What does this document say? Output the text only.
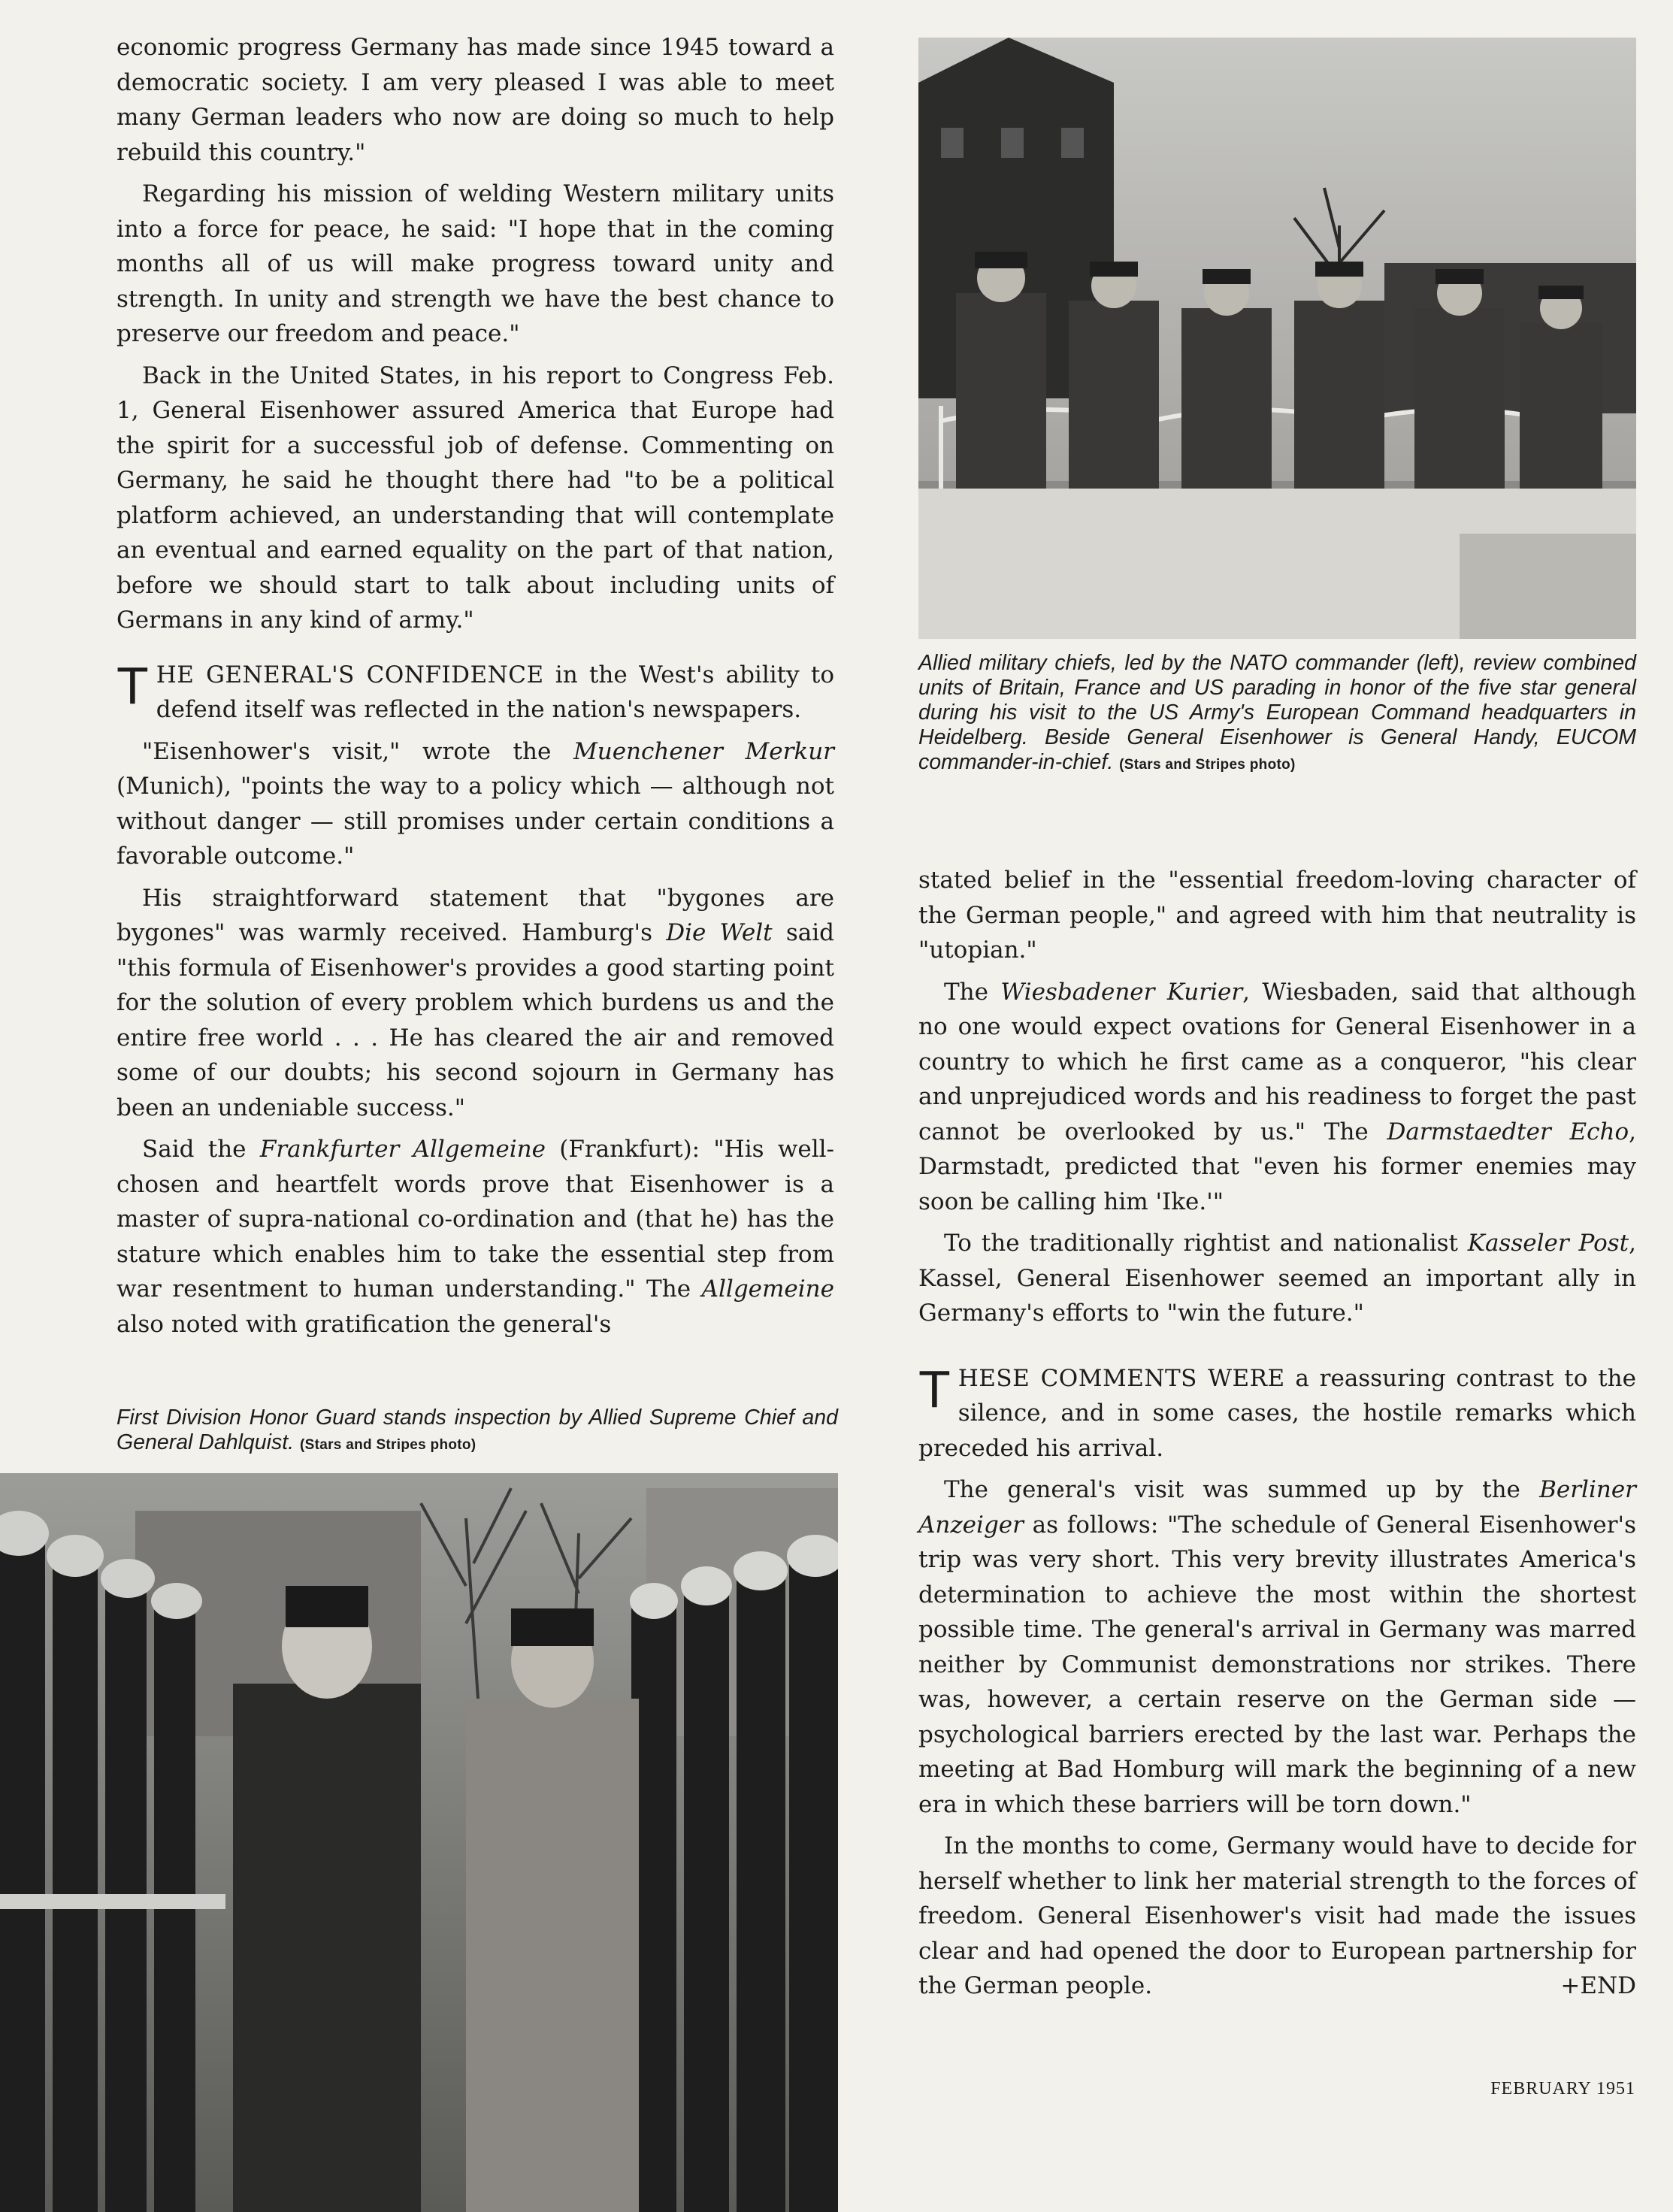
economic progress Germany has made since 1945 toward a democratic society. I am very pleased I was able to meet many German leaders who now are doing so much to help rebuild this country."

Regarding his mission of welding Western military units into a force for peace, he said: "I hope that in the coming months all of us will make progress toward unity and strength. In unity and strength we have the best chance to preserve our freedom and peace."

Back in the United States, in his report to Congress Feb. 1, General Eisenhower assured America that Europe had the spirit for a successful job of defense. Commenting on Germany, he said he thought there had "to be a political platform achieved, an understanding that will contemplate an eventual and earned equality on the part of that nation, before we should start to talk about including units of Germans in any kind of army."

THE GENERAL'S CONFIDENCE in the West's ability to defend itself was reflected in the nation's newspapers.

"Eisenhower's visit," wrote the Muenchener Merkur (Munich), "points the way to a policy which — although not without danger — still promises under certain conditions a favorable outcome."

His straightforward statement that "bygones are bygones" was warmly received. Hamburg's Die Welt said "this formula of Eisenhower's provides a good starting point for the solution of every problem which burdens us and the entire free world . . . He has cleared the air and removed some of our doubts; his second sojourn in Germany has been an undeniable success."

Said the Frankfurter Allgemeine (Frankfurt): "His well-chosen and heartfelt words prove that Eisenhower is a master of supra-national co-ordination and (that he) has the stature which enables him to take the essential step from war resentment to human understanding." The Allgemeine also noted with gratification the general's

First Division Honor Guard stands inspection by Allied Supreme Chief and General Dahlquist. (Stars and Stripes photo)

Allied military chiefs, led by the NATO commander (left), review combined units of Britain, France and US parading in honor of the five star general during his visit to the US Army's European Command headquarters in Heidelberg. Beside General Eisenhower is General Handy, EUCOM commander-in-chief. (Stars and Stripes photo)

stated belief in the "essential freedom-loving character of the German people," and agreed with him that neutrality is "utopian."

The Wiesbadener Kurier, Wiesbaden, said that although no one would expect ovations for General Eisenhower in a country to which he first came as a conqueror, "his clear and unprejudiced words and his readiness to forget the past cannot be overlooked by us." The Darmstaedter Echo, Darmstadt, predicted that "even his former enemies may soon be calling him 'Ike.'"

To the traditionally rightist and nationalist Kasseler Post, Kassel, General Eisenhower seemed an important ally in Germany's efforts to "win the future."

THESE COMMENTS WERE a reassuring contrast to the silence, and in some cases, the hostile remarks which preceded his arrival.

The general's visit was summed up by the Berliner Anzeiger as follows: "The schedule of General Eisenhower's trip was very short. This very brevity illustrates America's determination to achieve the most within the shortest possible time. The general's arrival in Germany was marred neither by Communist demonstrations nor strikes. There was, however, a certain reserve on the German side — psychological barriers erected by the last war. Perhaps the meeting at Bad Homburg will mark the beginning of a new era in which these barriers will be torn down."

In the months to come, Germany would have to decide for herself whether to link her material strength to the forces of freedom. General Eisenhower's visit had made the issues clear and had opened the door to European partnership for the German people.	+END

FEBRUARY 1951
